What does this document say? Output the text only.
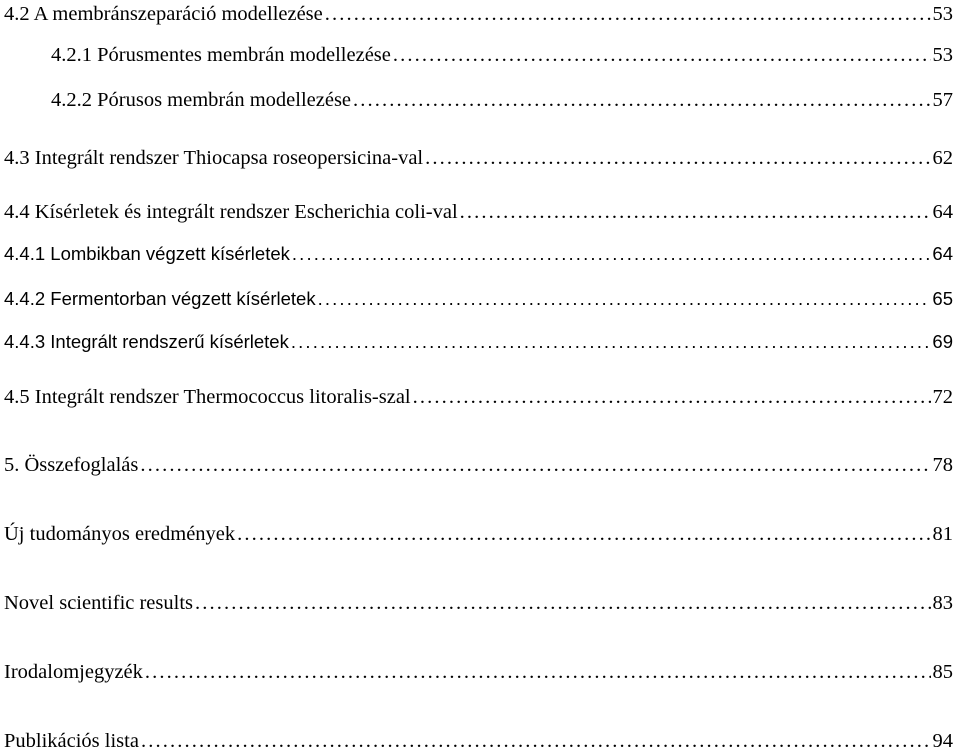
4.2 A membránszeparáció modellezése . . .	53
4.2.1 Pórusmentes membrán modellezése . . .	53
4.2.2 Pórusos membrán modellezése . . .	57
4.3 Integrált rendszer Thiocapsa roseopersicina-val . . .	62
4.4 Kísérletek és integrált rendszer Escherichia coli-val . . .	64
4.4.1 Lombikban végzett kísérletek . . .	64
4.4.2 Fermentorban végzett kísérletek . . .	65
4.4.3 Integrált rendszerű kísérletek . . .	69
4.5 Integrált rendszer Thermococcus litoralis-szal . . .	72
5. Összefoglalás . . .	78
Új tudományos eredmények . . .	81
Novel scientific results . . .	83
Irodalomjegyzék . . .	85
Publikációs lista . . .	94
